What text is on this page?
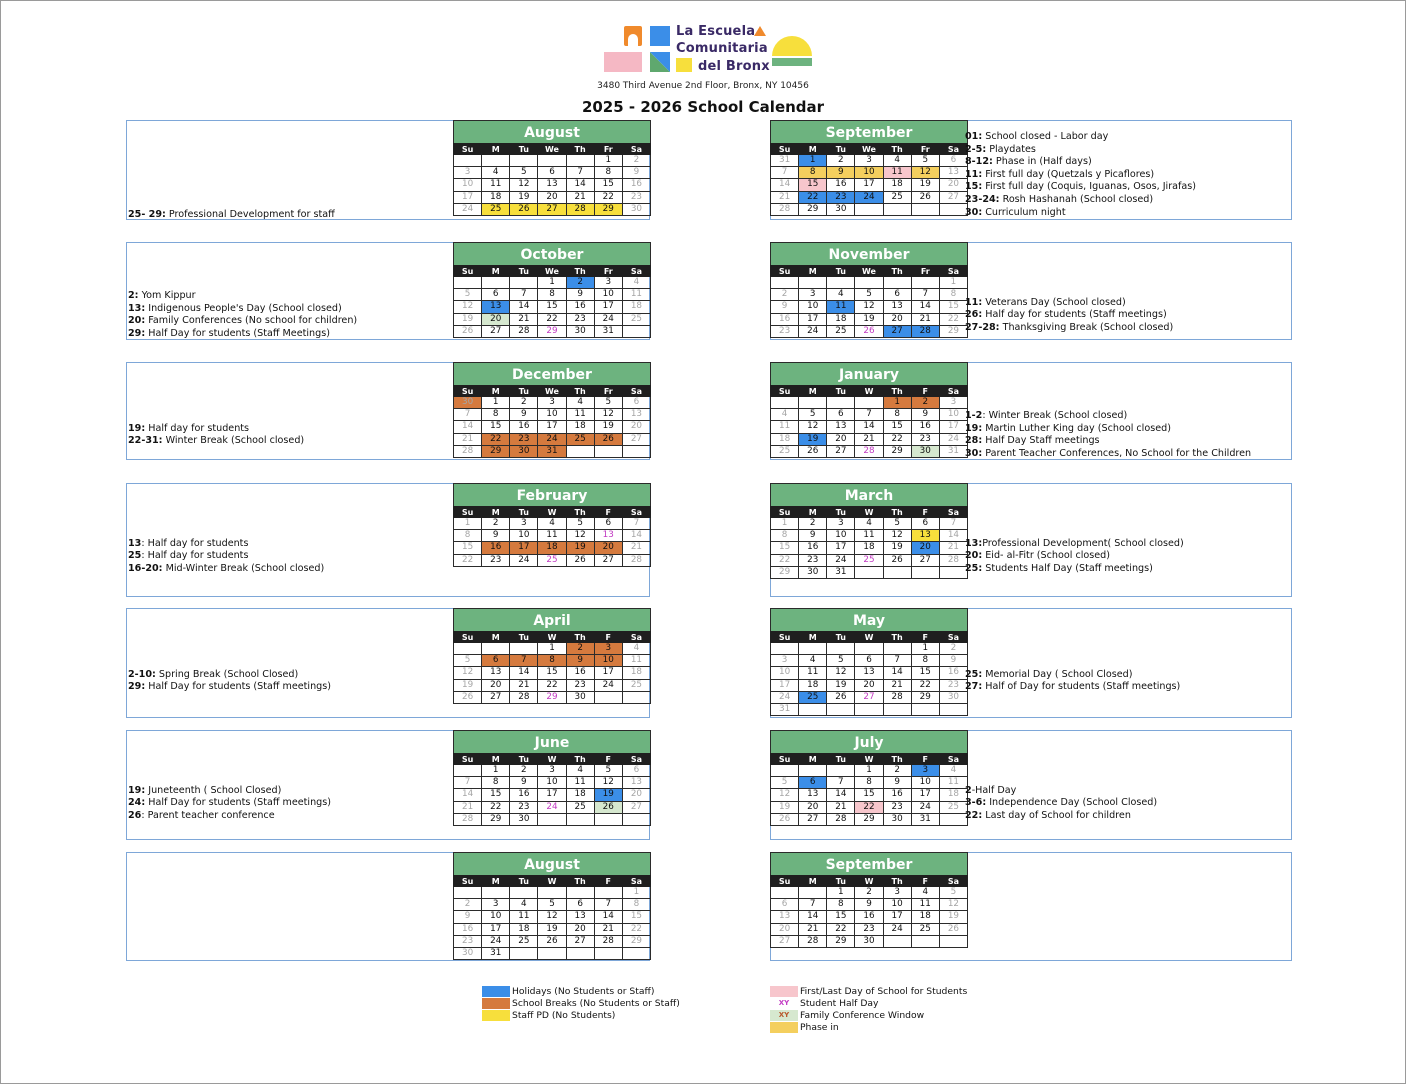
La Escuela
Comunitaria
del Bronx
3480 Third Avenue 2nd Floor, Bronx, NY 10456
2025 - 2026 School Calendar
August
Su	M	Tu	We	Th	Fr	Sa
					1	2
3	4	5	6	7	8	9
10	11	12	13	14	15	16
17	18	19	20	21	22	23
24	25	26	27	28	29	30
25- 29: Professional Development for staff
September
Su	M	Tu	We	Th	Fr	Sa
31	1	2	3	4	5	6
7	8	9	10	11	12	13
14	15	16	17	18	19	20
21	22	23	24	25	26	27
28	29	30				
01: School closed - Labor day
2-5: Playdates
8-12: Phase in (Half days)
11: First full day (Quetzals y Picaflores)
15: First full day (Coquis, Iguanas, Osos, Jirafas)
23-24: Rosh Hashanah (School closed)
30: Curriculum night
October
Su	M	Tu	We	Th	Fr	Sa
			1	2	3	4
5	6	7	8	9	10	11
12	13	14	15	16	17	18
19	20	21	22	23	24	25
26	27	28	29	30	31	
2: Yom Kippur
13: Indigenous People's Day (School closed)
20: Family Conferences (No school for children)
29: Half Day for students (Staff Meetings)
November
Su	M	Tu	We	Th	Fr	Sa
						1
2	3	4	5	6	7	8
9	10	11	12	13	14	15
16	17	18	19	20	21	22
23	24	25	26	27	28	29
11: Veterans Day (School closed)
26: Half day for students (Staff meetings)
27-28: Thanksgiving Break (School closed)
December
Su	M	Tu	We	Th	Fr	Sa
30	1	2	3	4	5	6
7	8	9	10	11	12	13
14	15	16	17	18	19	20
21	22	23	24	25	26	27
28	29	30	31			
19: Half day for students
22-31: Winter Break (School closed)
January
Su	M	Tu	W	Th	F	Sa
				1	2	3
4	5	6	7	8	9	10
11	12	13	14	15	16	17
18	19	20	21	22	23	24
25	26	27	28	29	30	31
1-2: Winter Break (School closed)
19: Martin Luther King day (School closed)
28: Half Day Staff meetings
30: Parent Teacher Conferences, No School for the Children
February
Su	M	Tu	W	Th	F	Sa
1	2	3	4	5	6	7
8	9	10	11	12	13	14
15	16	17	18	19	20	21
22	23	24	25	26	27	28
13: Half day for students
25: Half day for students
16-20: Mid-Winter Break (School closed)
March
Su	M	Tu	W	Th	F	Sa
1	2	3	4	5	6	7
8	9	10	11	12	13	14
15	16	17	18	19	20	21
22	23	24	25	26	27	28
29	30	31				
13:Professional Development( School closed)
20: Eid- al-Fitr (School closed)
25: Students Half Day (Staff meetings)
April
Su	M	Tu	W	Th	F	Sa
			1	2	3	4
5	6	7	8	9	10	11
12	13	14	15	16	17	18
19	20	21	22	23	24	25
26	27	28	29	30		
2-10: Spring Break (School Closed)
29: Half Day for students (Staff meetings)
May
Su	M	Tu	W	Th	F	Sa
					1	2
3	4	5	6	7	8	9
10	11	12	13	14	15	16
17	18	19	20	21	22	23
24	25	26	27	28	29	30
31						
25: Memorial Day ( School Closed)
27: Half of Day for students (Staff meetings)
June
Su	M	Tu	W	Th	F	Sa
	1	2	3	4	5	6
7	8	9	10	11	12	13
14	15	16	17	18	19	20
21	22	23	24	25	26	27
28	29	30				
19: Juneteenth ( School Closed)
24: Half Day for students (Staff meetings)
26: Parent teacher conference
July
Su	M	Tu	W	Th	F	Sa
			1	2	3	4
5	6	7	8	9	10	11
12	13	14	15	16	17	18
19	20	21	22	23	24	25
26	27	28	29	30	31	
2-Half Day
3-6: Independence Day (School Closed)
22: Last day of School for children
August
Su	M	Tu	W	Th	F	Sa
						1
2	3	4	5	6	7	8
9	10	11	12	13	14	15
16	17	18	19	20	21	22
23	24	25	26	27	28	29
30	31					
September
Su	M	Tu	W	Th	F	Sa
		1	2	3	4	5
6	7	8	9	10	11	12
13	14	15	16	17	18	19
20	21	22	23	24	25	26
27	28	29	30			
Holidays (No Students or Staff)
School Breaks (No Students or Staff)
Staff PD (No Students)
First/Last Day of School for Students
XY	Student Half Day
XY	Family Conference Window
Phase in
